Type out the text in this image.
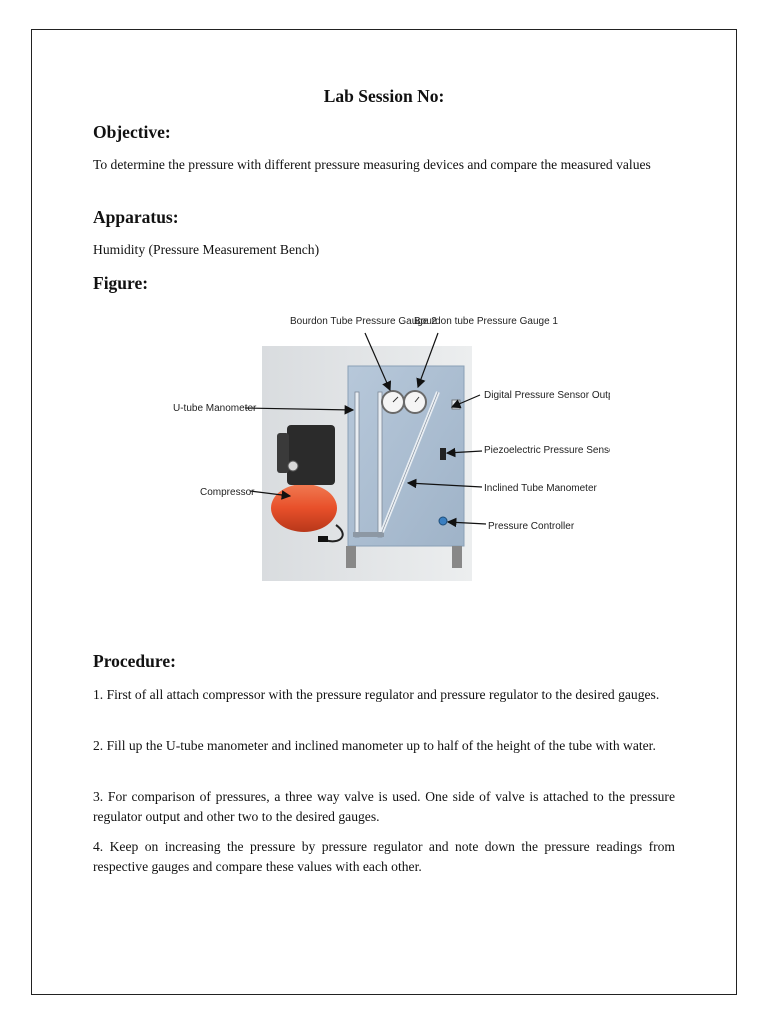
Lab Session No:
Objective:
To determine the pressure with different pressure measuring devices and compare the measured values
Apparatus:
Humidity (Pressure Measurement Bench)
Figure:
Bourdon Tube Pressure Gauge 2
Bourdon tube Pressure Gauge 1
U-tube Manometer
Digital Pressure Sensor Output
Piezoelectric Pressure Sensor
Compressor	Inclined Tube Manometer
Pressure Controller
Procedure:
1. First of all attach compressor with the pressure regulator and pressure regulator to the desired gauges.
2. Fill up the U-tube manometer and inclined manometer up to half of the height of the tube with water.
3. For comparison of pressures, a three way valve is used. One side of valve is attached to the pressure regulator output and other two to the desired gauges.
4. Keep on increasing the pressure by pressure regulator and note down the pressure readings from respective gauges and compare these values with each other.
